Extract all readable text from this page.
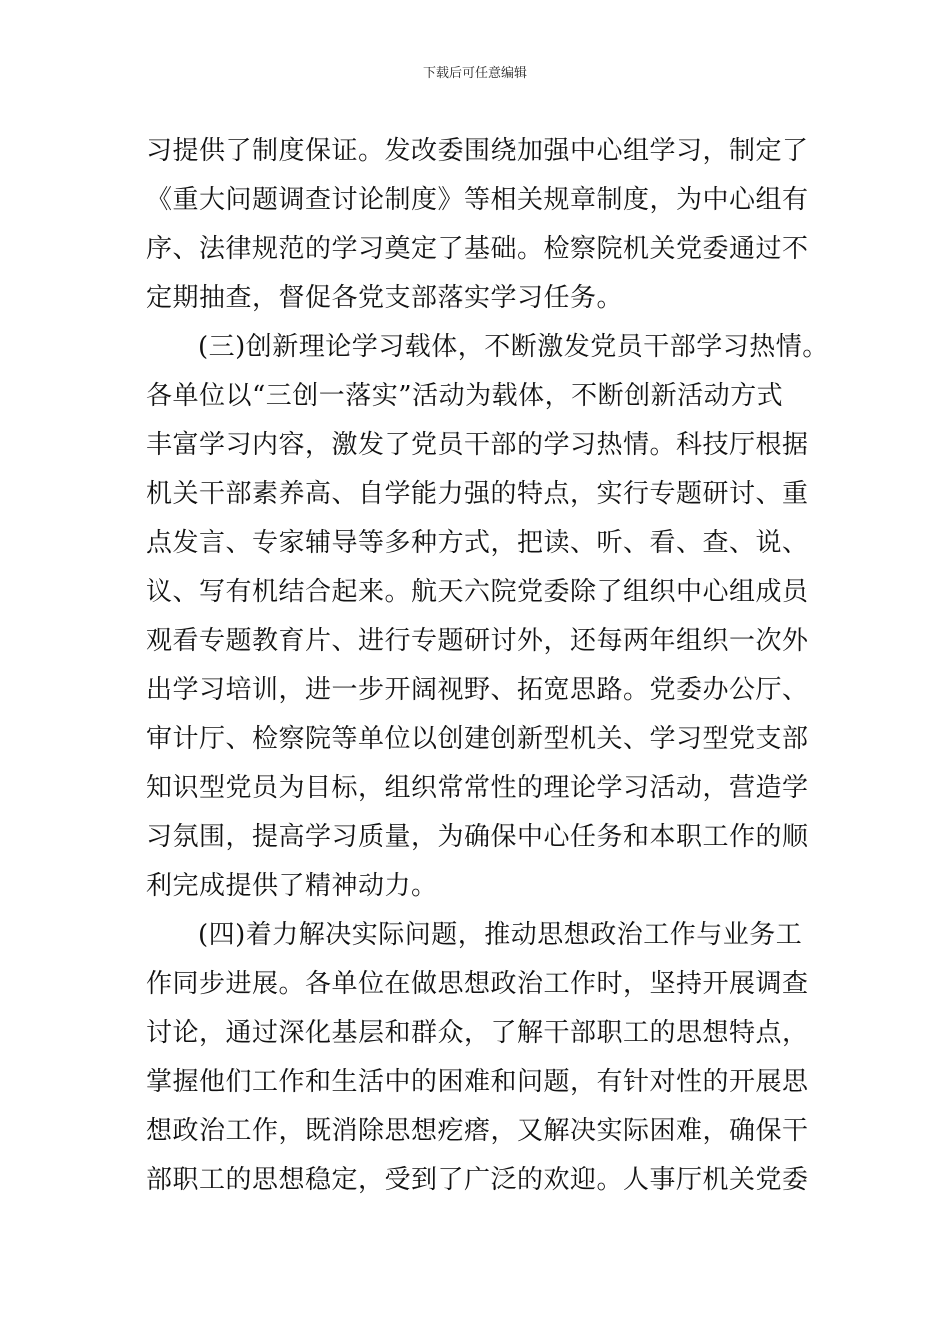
下载后可任意编辑
习提供了制度保证。发改委围绕加强中心组学习，制定了
《重大问题调查讨论制度》等相关规章制度，为中心组有
序、法律规范的学习奠定了基础。检察院机关党委通过不
定期抽查，督促各党支部落实学习任务。
(三)创新理论学习载体，不断激发党员干部学习热情。
各单位以“三创一落实”活动为载体，不断创新活动方式
丰富学习内容，激发了党员干部的学习热情。科技厅根据
机关干部素养高、自学能力强的特点，实行专题研讨、重
点发言、专家辅导等多种方式，把读、听、看、查、说、
议、写有机结合起来。航天六院党委除了组织中心组成员
观看专题教育片、进行专题研讨外，还每两年组织一次外
出学习培训，进一步开阔视野、拓宽思路。党委办公厅、
审计厅、检察院等单位以创建创新型机关、学习型党支部
知识型党员为目标，组织常常性的理论学习活动，营造学
习氛围，提高学习质量，为确保中心任务和本职工作的顺
利完成提供了精神动力。
(四)着力解决实际问题，推动思想政治工作与业务工
作同步进展。各单位在做思想政治工作时，坚持开展调查
讨论，通过深化基层和群众，了解干部职工的思想特点，
掌握他们工作和生活中的困难和问题，有针对性的开展思
想政治工作，既消除思想疙瘩，又解决实际困难，确保干
部职工的思想稳定，受到了广泛的欢迎。人事厅机关党委
